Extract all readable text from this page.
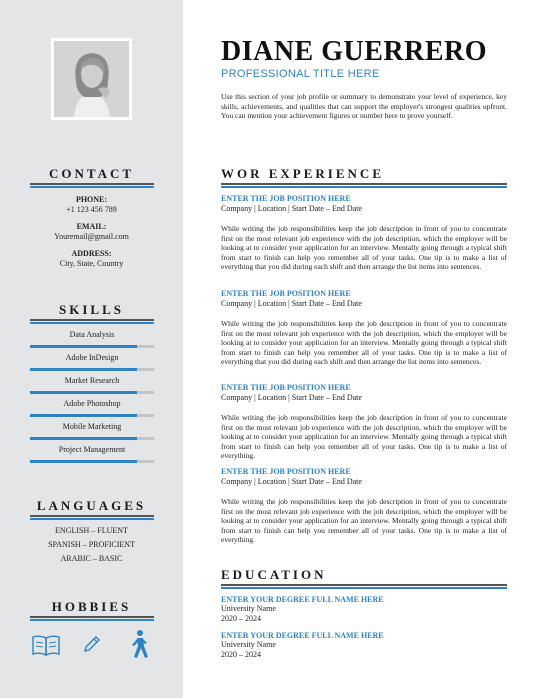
CONTACT
PHONE:
+1 123 456 789
EMAIL:
Youremail@gmail.com
ADDRESS:
City, State, Country
SKILLS
Data Analysis
Adobe InDesign
Market Research
Adobe Photoshop
Mobile Marketing
Project Management
LANGUAGES
ENGLISH – FLUENT
SPANISH – PROFICIENT
ARABIC – BASIC
HOBBIES
DIANE GUERRERO
PROFESSIONAL TITLE HERE
Use this section of your job profile or summary to demonstrate your level of experience, key skills, achievements, and qualities that can support the employer's strongest qualities upfront. You can mention your achievement figures or number here to prove yourself.
WOR EXPERIENCE
ENTER THE JOB POSITION HERE
Company | Location | Start Date – End Date
While writing the job responsibilities keep the job description in front of you to concentrate first on the most relevant job experience with the job description, which the employer will be looking at to consider your application for an interview. Mentally going through a typical shift from start to finish can help you remember all of your tasks. One tip is to make a list of everything that you did during each shift and then arrange the list items into sentences.
ENTER THE JOB POSITION HERE
Company | Location | Start Date – End Date
While writing the job responsibilities keep the job description in front of you to concentrate first on the most relevant job experience with the job description, which the employer will be looking at to consider your application for an interview. Mentally going through a typical shift from start to finish can help you remember all of your tasks. One tip is to make a list of everything that you did during each shift and then arrange the list items into sentences.
ENTER THE JOB POSITION HERE
Company | Location | Start Date – End Date
While writing the job responsibilities keep the job description in front of you to concentrate first on the most relevant job experience with the job description, which the employer will be looking at to consider your application for an interview. Mentally going through a typical shift from start to finish can help you remember all of your tasks. One tip is to make a list of everything.
ENTER THE JOB POSITION HERE
Company | Location | Start Date – End Date
While writing the job responsibilities keep the job description in front of you to concentrate first on the most relevant job experience with the job description, which the employer will be looking at to consider your application for an interview. Mentally going through a typical shift from start to finish can help you remember all of your tasks. One tip is to make a list of everything.
EDUCATION
ENTER YOUR DEGREE FULL NAME HERE
University Name
2020 – 2024
ENTER YOUR DEGREE FULL NAME HERE
University Name
2020 – 2024
